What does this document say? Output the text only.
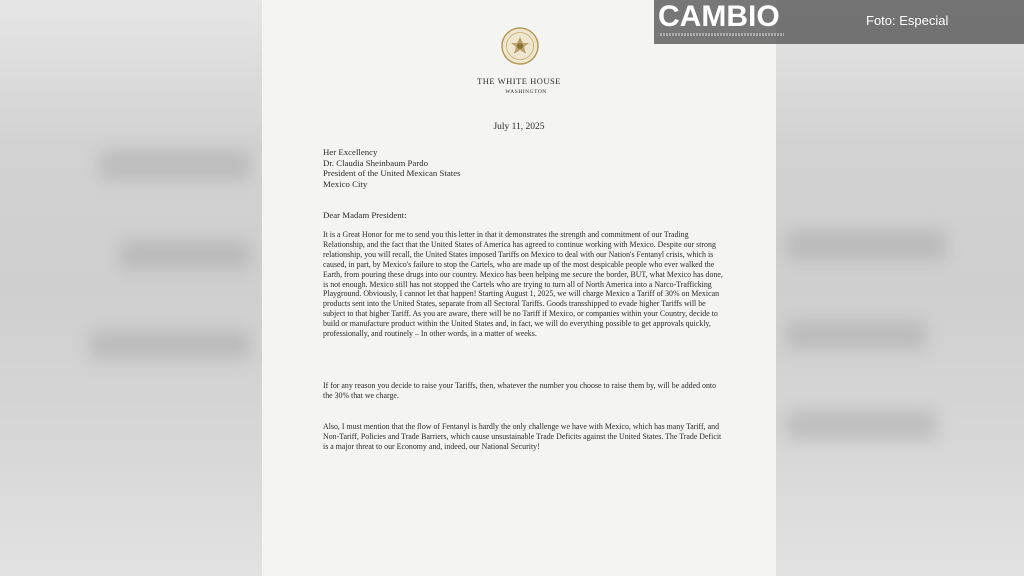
THE WHITE HOUSE
WASHINGTON
July 11, 2025
Her Excellency
Dr. Claudia Sheinbaum Pardo
President of the United Mexican States
Mexico City
Dear Madam President:
It is a Great Honor for me to send you this letter in that it demonstrates the strength and commitment of our Trading Relationship, and the fact that the United States of America has agreed to continue working with Mexico. Despite our strong relationship, you will recall, the United States imposed Tariffs on Mexico to deal with our Nation's Fentanyl crisis, which is caused, in part, by Mexico's failure to stop the Cartels, who are made up of the most despicable people who ever walked the Earth, from pouring these drugs into our country. Mexico has been helping me secure the border, BUT, what Mexico has done, is not enough. Mexico still has not stopped the Cartels who are trying to turn all of North America into a Narco-Trafficking Playground. Obviously, I cannot let that happen! Starting August 1, 2025, we will charge Mexico a Tariff of 30% on Mexican products sent into the United States, separate from all Sectoral Tariffs. Goods transshipped to evade higher Tariffs will be subject to that higher Tariff. As you are aware, there will be no Tariff if Mexico, or companies within your Country, decide to build or manufacture product within the United States and, in fact, we will do everything possible to get approvals quickly, professionally, and routinely – In other words, in a matter of weeks.
If for any reason you decide to raise your Tariffs, then, whatever the number you choose to raise them by, will be added onto the 30% that we charge.
Also, I must mention that the flow of Fentanyl is hardly the only challenge we have with Mexico, which has many Tariff, and Non-Tariff, Policies and Trade Barriers, which cause unsustainable Trade Deficits against the United States. The Trade Deficit is a major threat to our Economy and, indeed, our National Security!
CAMBIO	Foto: Especial
